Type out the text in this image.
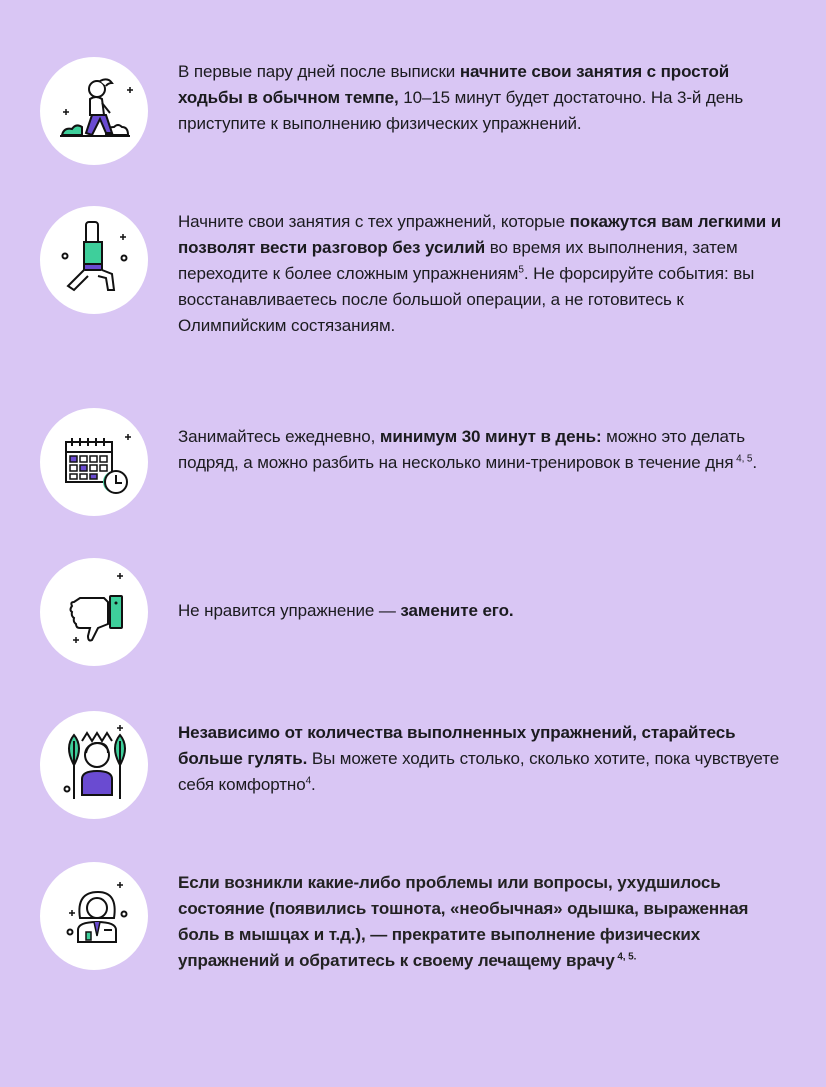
В первые пару дней после выписки начните свои занятия с простой ходьбы в обычном темпе, 10–15 минут будет достаточно. На 3-й день приступите к выполнению физических упражнений.
Начните свои занятия с тех упражнений, которые покажутся вам легкими и позволят вести разговор без усилий во время их выполнения, затем переходите к более сложным упражнениям$^5$. Не форсируйте события: вы восстанавливаетесь после большой операции, а не готовитесь к Олимпийским состязаниям.
Занимайтесь ежедневно, минимум 30 минут в день: можно это делать подряд, а можно разбить на несколько мини-тренировок в течение дня $^{4, 5}$.
Не нравится упражнение — замените его.
Независимо от количества выполненных упражнений, старайтесь больше гулять. Вы можете ходить столько, сколько хотите, пока чувствуете себя комфортно$^4$.
Если возникли какие-либо проблемы или вопросы, ухудшилось состояние (появились тошнота, «необычная» одышка, выраженная боль в мышцах и т.д.), — прекратите выполнение физических упражнений и обратитесь к своему лечащему врачу $^{4, 5.}$
